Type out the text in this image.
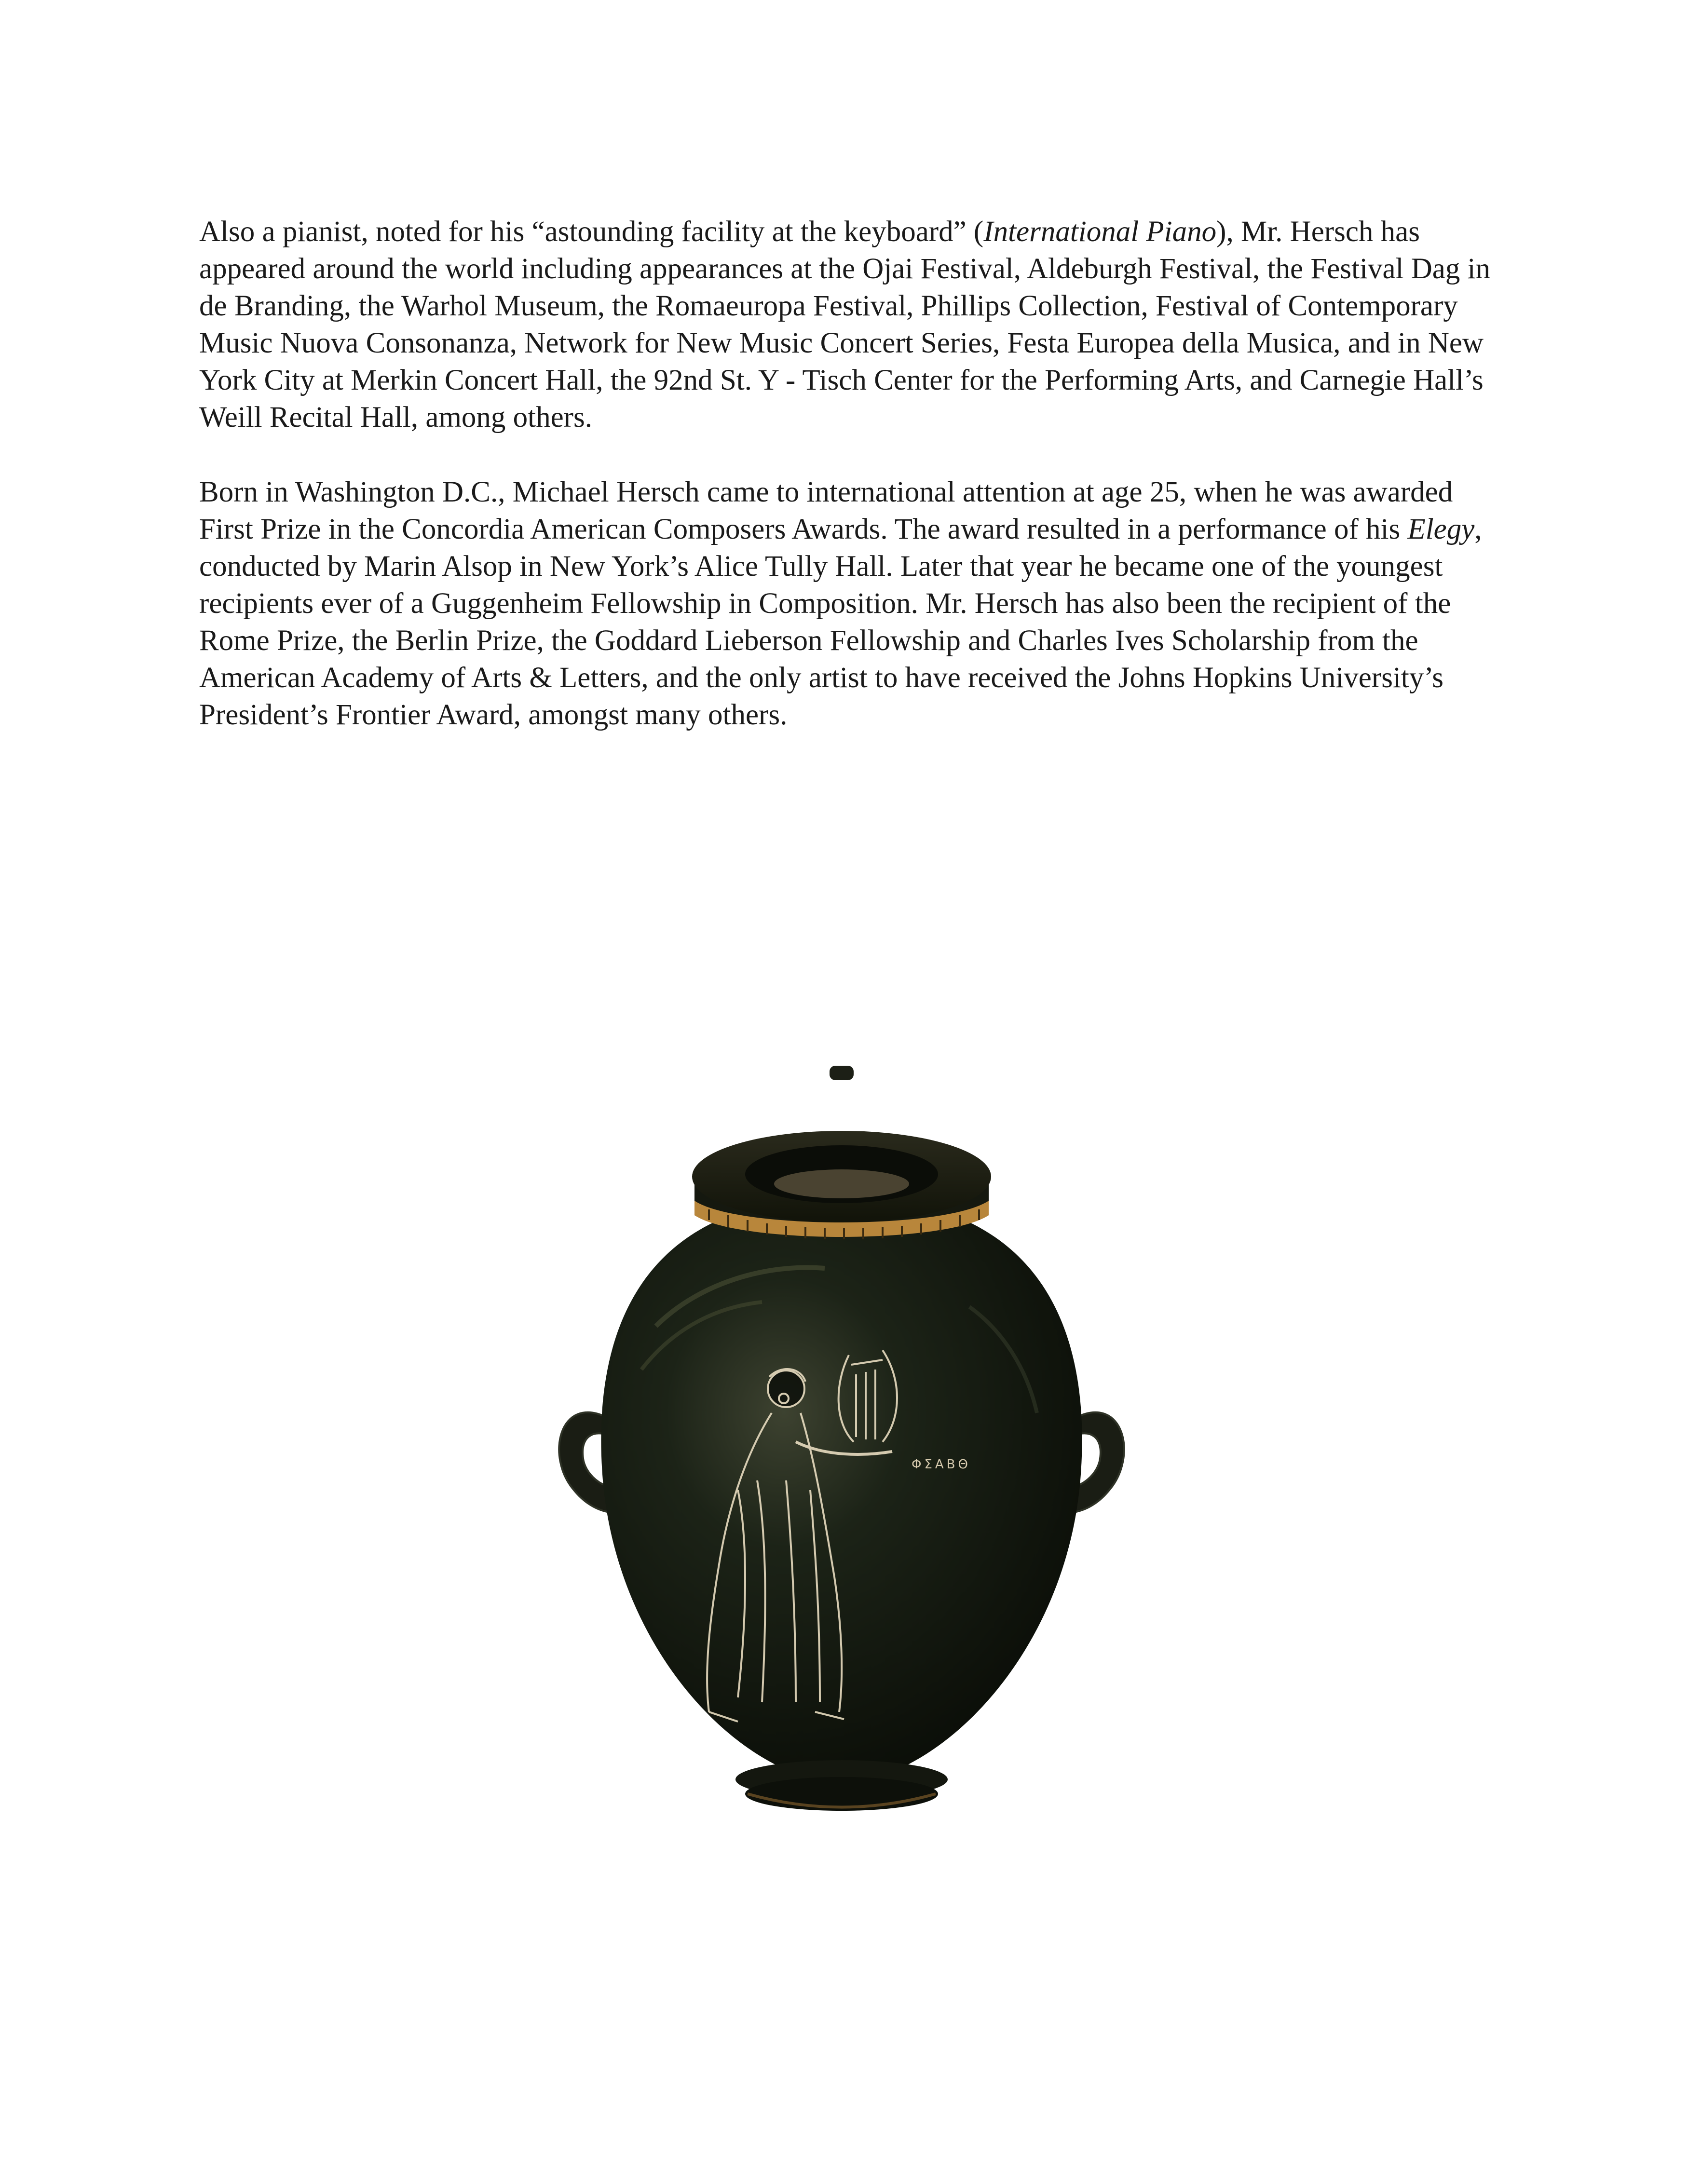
Also a pianist, noted for his “astounding facility at the keyboard” (International Piano), Mr. Hersch has appeared around the world including appearances at the Ojai Festival, Aldeburgh Festival, the Festival Dag in de Branding, the Warhol Museum, the Romaeuropa Festival, Phillips Collection, Festival of Contemporary Music Nuova Consonanza, Network for New Music Concert Series, Festa Europea della Musica, and in New York City at Merkin Concert Hall, the 92nd St. Y - Tisch Center for the Performing Arts, and Carnegie Hall’s Weill Recital Hall, among others.

Born in Washington D.C., Michael Hersch came to international attention at age 25, when he was awarded First Prize in the Concordia American Composers Awards. The award resulted in a performance of his Elegy, conducted by Marin Alsop in New York’s Alice Tully Hall. Later that year he became one of the youngest recipients ever of a Guggenheim Fellowship in Composition. Mr. Hersch has also been the recipient of the Rome Prize, the Berlin Prize, the Goddard Lieberson Fellowship and Charles Ives Scholarship from the American Academy of Arts & Letters, and the only artist to have received the Johns Hopkins University’s President’s Frontier Award, amongst many others.

ΦΣΑΒΘ
